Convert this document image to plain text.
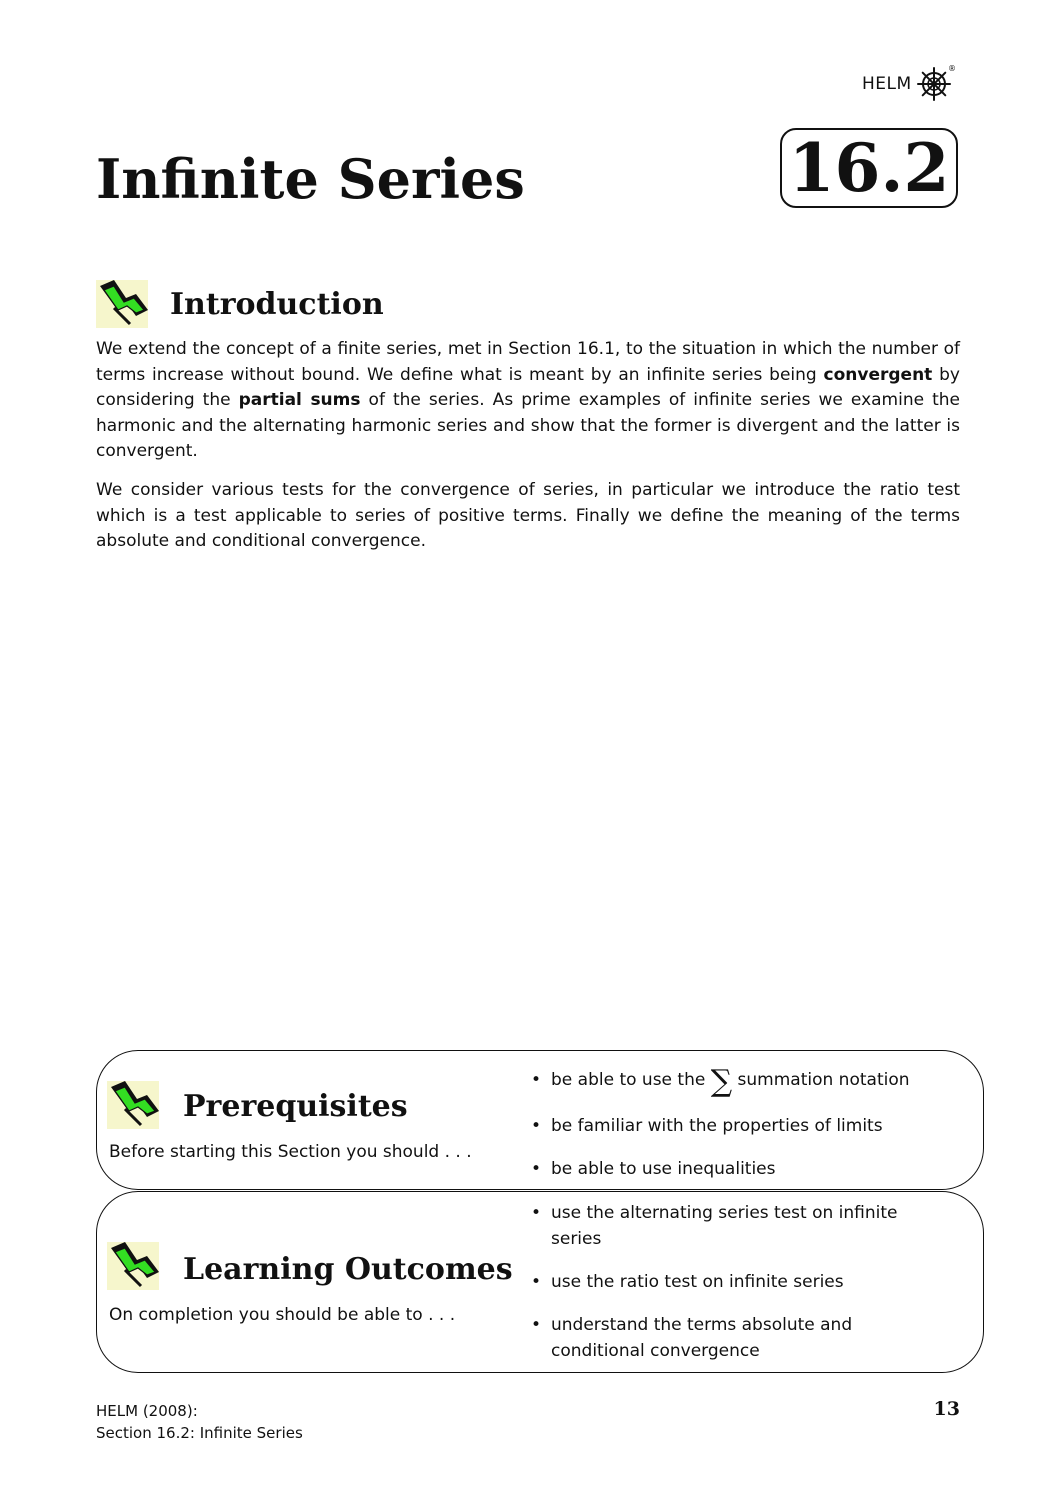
HELM
®
Infinite Series	16.2
Introduction

We extend the concept of a finite series, met in Section 16.1, to the situation in which the number of terms increase without bound. We define what is meant by an infinite series being convergent by considering the partial sums of the series. As prime examples of infinite series we examine the harmonic and the alternating harmonic series and show that the former is divergent and the latter is convergent.

We consider various tests for the convergence of series, in particular we introduce the ratio test which is a test applicable to series of positive terms. Finally we define the meaning of the terms absolute and conditional convergence.

Prerequisites
Before starting this Section you should . . .
• be able to use the ∑ summation notation
• be familiar with the properties of limits
• be able to use inequalities
Learning Outcomes
On completion you should be able to . . .
• use the alternating series test on infinite series
• use the ratio test on infinite series
• understand the terms absolute and conditional convergence
HELM (2008):
Section 16.2: Infinite Series
13
